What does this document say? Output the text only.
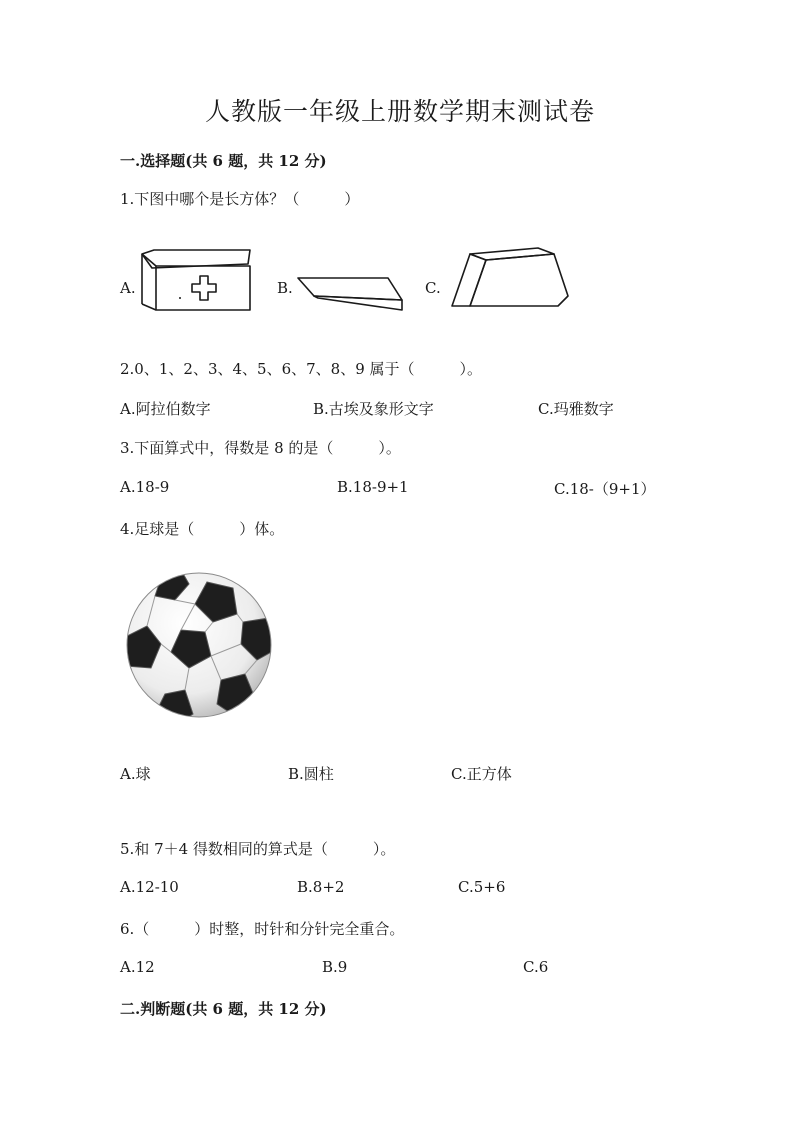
人教版一年级上册数学期末测试卷
一.选择题(共 6 题，共 12 分)
1.下图中哪个是长方体？（　　　）
A.	B.	C.
2.0、1、2、3、4、5、6、7、8、9 属于（　　　）。
A.阿拉伯数字	B.古埃及象形文字	C.玛雅数字
3.下面算式中，得数是 8 的是（　　　）。
A.18-9	B.18-9+1	C.18-（9+1）
4.足球是（　　　）体。
A.球	B.圆柱	C.正方体
5.和 7＋4 得数相同的算式是（　　　）。
A.12-10	B.8+2	C.5+6
6.（　　　）时整，时针和分针完全重合。
A.12	B.9	C.6
二.判断题(共 6 题，共 12 分)
